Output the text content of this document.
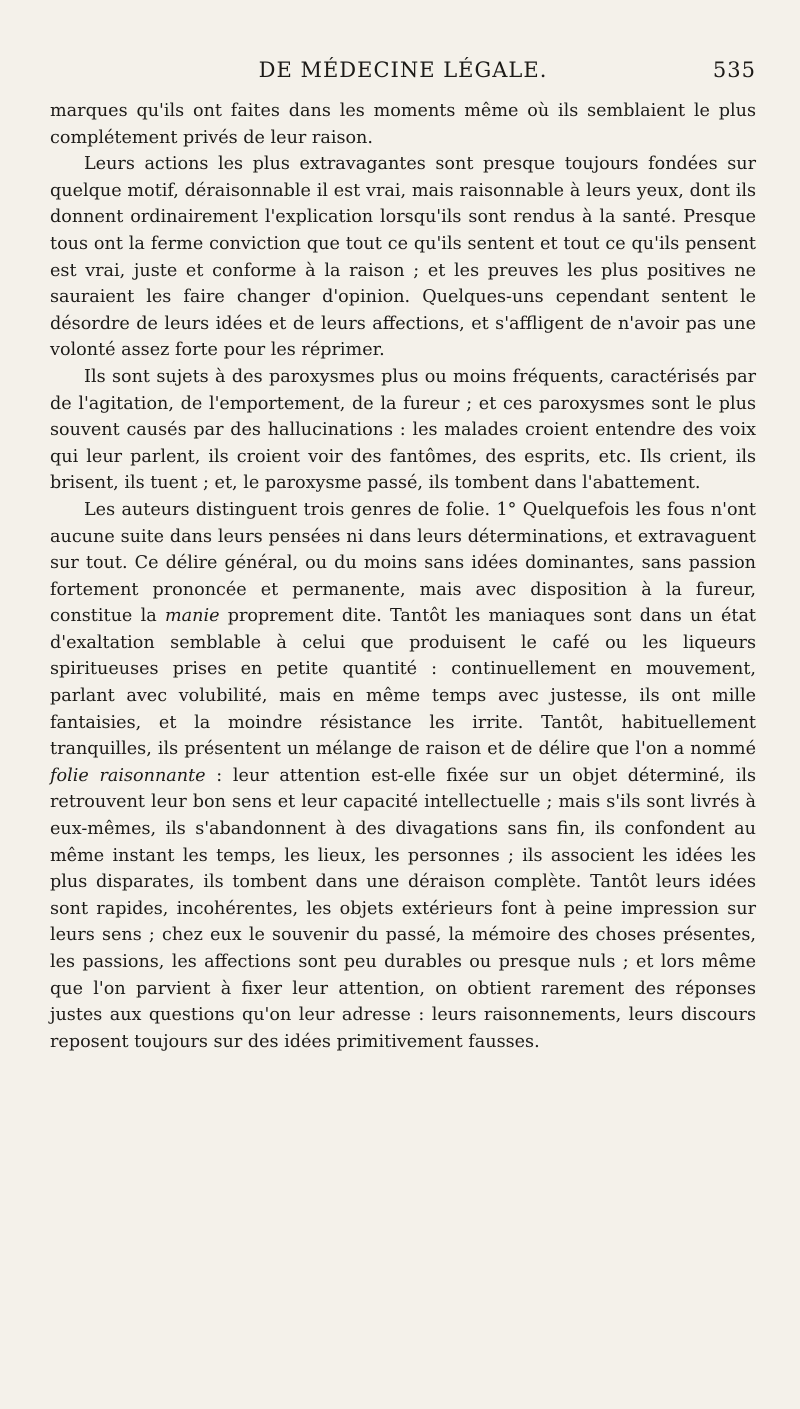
DE MÉDECINE LÉGALE.	535

marques qu'ils ont faites dans les moments même où ils semblaient le plus complétement privés de leur raison.

Leurs actions les plus extravagantes sont presque toujours fondées sur quelque motif, déraisonnable il est vrai, mais raisonnable à leurs yeux, dont ils donnent ordinairement l'explication lorsqu'ils sont rendus à la santé. Presque tous ont la ferme conviction que tout ce qu'ils sentent et tout ce qu'ils pensent est vrai, juste et conforme à la raison ; et les preuves les plus positives ne sauraient les faire changer d'opinion. Quelques-uns cependant sentent le désordre de leurs idées et de leurs affections, et s'affligent de n'avoir pas une volonté assez forte pour les réprimer.

Ils sont sujets à des paroxysmes plus ou moins fréquents, caractérisés par de l'agitation, de l'emportement, de la fureur ; et ces paroxysmes sont le plus souvent causés par des hallucinations : les malades croient entendre des voix qui leur parlent, ils croient voir des fantômes, des esprits, etc. Ils crient, ils brisent, ils tuent ; et, le paroxysme passé, ils tombent dans l'abattement.

Les auteurs distinguent trois genres de folie. 1° Quelquefois les fous n'ont aucune suite dans leurs pensées ni dans leurs déterminations, et extravaguent sur tout. Ce délire général, ou du moins sans idées dominantes, sans passion fortement prononcée et permanente, mais avec disposition à la fureur, constitue la manie proprement dite. Tantôt les maniaques sont dans un état d'exaltation semblable à celui que produisent le café ou les liqueurs spiritueuses prises en petite quantité : continuellement en mouvement, parlant avec volubilité, mais en même temps avec justesse, ils ont mille fantaisies, et la moindre résistance les irrite. Tantôt, habituellement tranquilles, ils présentent un mélange de raison et de délire que l'on a nommé folie raisonnante : leur attention est-elle fixée sur un objet déterminé, ils retrouvent leur bon sens et leur capacité intellectuelle ; mais s'ils sont livrés à eux-mêmes, ils s'abandonnent à des divagations sans fin, ils confondent au même instant les temps, les lieux, les personnes ; ils associent les idées les plus disparates, ils tombent dans une déraison complète. Tantôt leurs idées sont rapides, incohérentes, les objets extérieurs font à peine impression sur leurs sens ; chez eux le souvenir du passé, la mémoire des choses présentes, les passions, les affections sont peu durables ou presque nuls ; et lors même que l'on parvient à fixer leur attention, on obtient rarement des réponses justes aux questions qu'on leur adresse : leurs raisonnements, leurs discours reposent toujours sur des idées primitivement fausses.
